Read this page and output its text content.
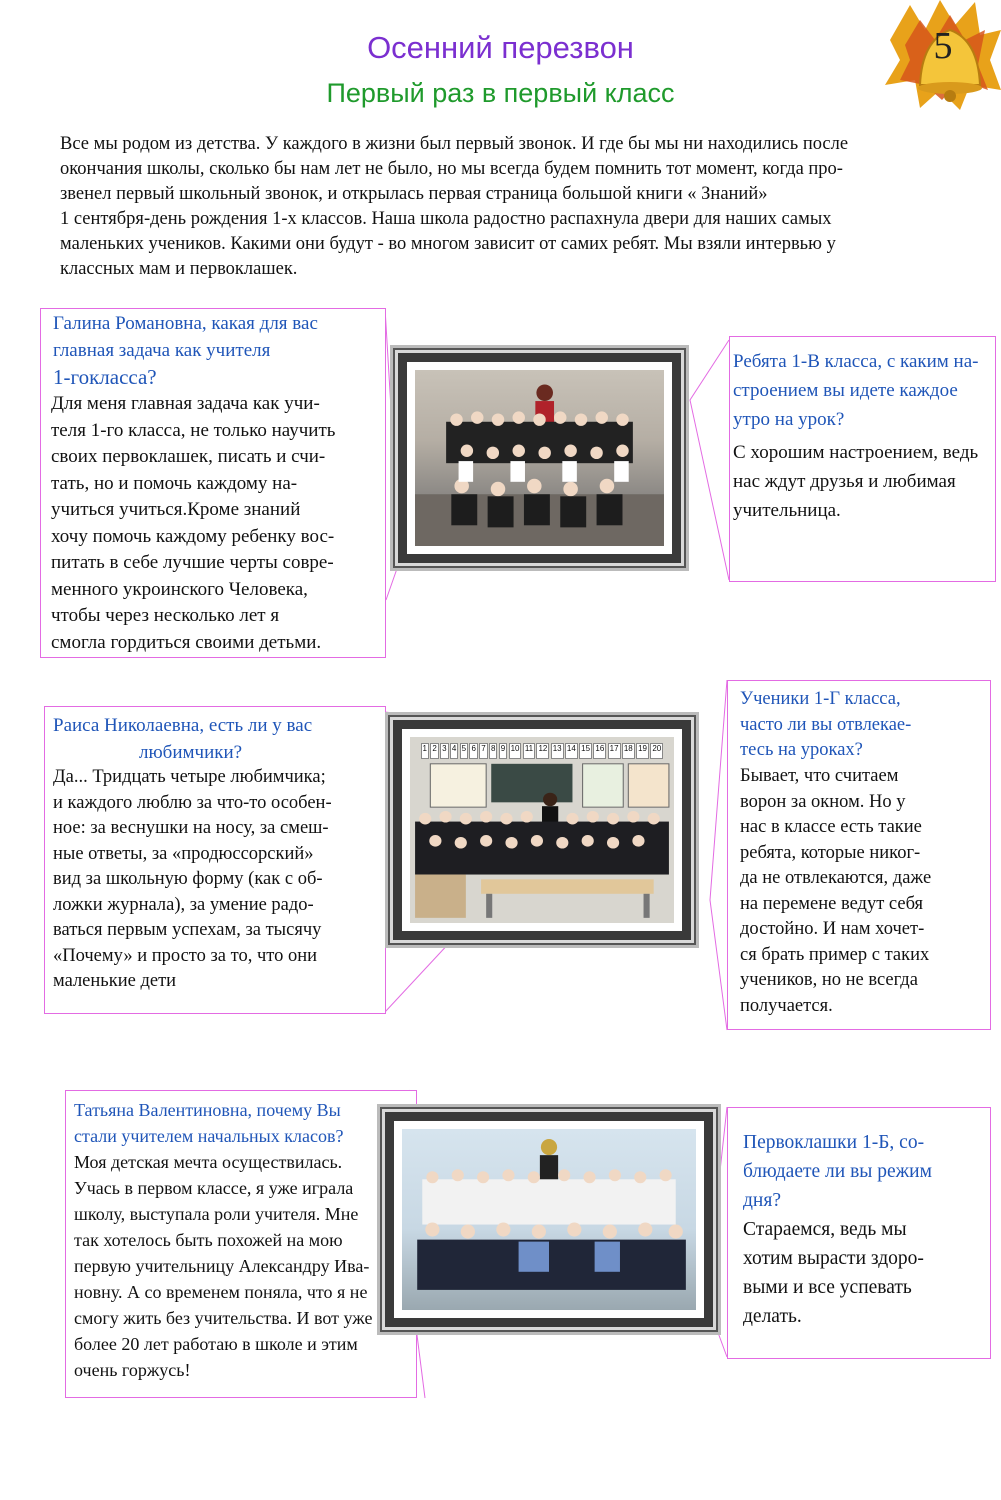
Осенний перезвон
Первый раз в первый класс
5

Все мы родом из детства. У каждого в жизни был первый звонок. И где бы мы ни находились после

окончания школы, сколько бы нам лет не было, но мы всегда будем помнить тот момент, когда про-

звенел первый школьный звонок, и открылась первая страница большой книги « Знаний»

1 сентября-день рождения 1-х классов. Наша школа радостно распахнула двери для наших самых

маленьких учеников. Какими они будут - во многом зависит от самих ребят. Мы взяли интервью у

классных мам и первоклашек.

Галина Романовна, какая для вас
главная задача как учителя
1-гокласса?
Для меня главная задача как учи-
теля 1-го класса, не только научить
своих первоклашек, писать и счи-
тать, но и помочь каждому на-
учиться учиться.Кроме знаний
хочу помочь каждому ребенку вос-
питать в себе лучшие черты совре-
менного укроинского Человека,
чтобы через несколько лет я
смогла гордиться своими детьми.
Ребята 1-В класса, с каким на-
строением вы идете каждое
утро на урок?
С хорошим настроением, ведь
нас ждут друзья и любимая
учительница.
Раиса Николаевна, есть ли у вас
любимчики?
Да... Тридцать четыре любимчика;
и каждого люблю за что-то особен-
ное: за веснушки на носу, за смеш-
ные ответы, за «продюссорский»
вид за школьную форму (как с об-
ложки журнала), за умение радо-
ваться первым успехам, за тысячу
«Почему» и просто за то, что они
маленькие дети
1 2 3 4 5 6 7 8 9 10 11 12 13 14 15 16 17 18 19 20
Ученики 1-Г класса,
часто ли вы отвлекае-
тесь на уроках?
Бывает, что считаем
ворон за окном. Но у
нас в классе есть такие
ребята, которые никог-
да не отвлекаются, даже
на перемене ведут себя
достойно. И нам хочет-
ся брать пример с таких
учеников, но не всегда
получается.
Татьяна Валентиновна, почему Вы
стали учителем начальных класов?
Моя детская мечта осуществилась.
Учась в первом классе, я уже играла
школу, выступала роли учителя. Мне
так хотелось быть похожей на мою
первую учительницу Александру Ива-
новну. А со временем поняла, что я не
смогу жить без учительства. И вот уже
более 20 лет работаю в школе и этим
очень горжусь!
Первоклашки 1-Б, со-
блюдаете ли вы режим
дня?
Стараемся, ведь мы
хотим вырасти здоро-
выми и все успевать
делать.
